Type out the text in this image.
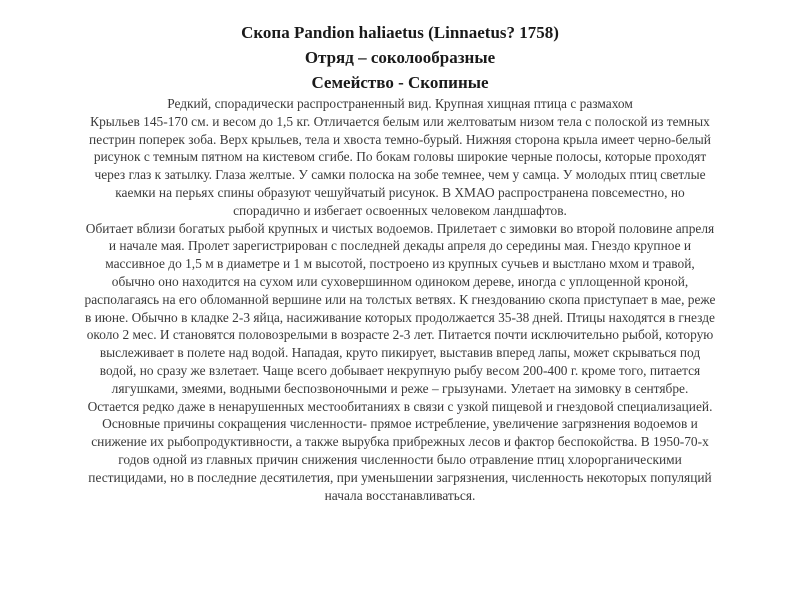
Скопа Pandion haliaetus (Linnaetus? 1758)
Отряд – соколообразные
Семейство - Скопиные
Редкий, спорадически распространенный вид. Крупная хищная птица с размахом
Крыльев 145-170 см. и весом до 1,5 кг. Отличается белым или желтоватым низом тела с полоской из темных
пестрин поперек зоба. Верх крыльев, тела и хвоста темно-бурый. Нижняя сторона крыла имеет черно-белый
рисунок с темным пятном на кистевом сгибе. По бокам головы широкие черные полосы, которые проходят
через глаз к затылку. Глаза желтые. У самки полоска на зобе темнее, чем у самца. У молодых птиц светлые
каемки на перьях спины образуют чешуйчатый рисунок. В ХМАО распространена повсеместно, но
спорадично и избегает освоенных человеком ландшафтов.
Обитает вблизи богатых рыбой крупных и чистых водоемов. Прилетает с зимовки во второй половине апреля
и начале мая. Пролет зарегистрирован с последней декады апреля до середины мая. Гнездо крупное и
массивное до 1,5 м в диаметре и 1 м высотой, построено из крупных сучьев и выстлано мхом и травой,
обычно оно находится на сухом или суховершинном одиноком дереве, иногда с уплощенной кроной,
располагаясь на его обломанной вершине или на толстых ветвях. К гнездованию скопа приступает в мае, реже
в июне. Обычно в кладке 2-3 яйца, насиживание которых продолжается 35-38 дней. Птицы находятся в гнезде
около 2 мес. И становятся половозрелыми в возрасте 2-3 лет. Питается почти исключительно рыбой, которую
выслеживает в полете над водой. Нападая, круто пикирует, выставив вперед лапы, может скрываться под
водой, но сразу же взлетает. Чаще всего добывает некрупную рыбу весом 200-400 г. кроме того, питается
лягушками, змеями, водными беспозвоночными и реже – грызунами. Улетает на зимовку в сентябре.
Остается редко даже в ненарушенных местообитаниях в связи с узкой пищевой и гнездовой специализацией.
Основные причины сокращения численности- прямое истребление, увеличение загрязнения водоемов и
снижение их рыбопродуктивности, а также вырубка прибрежных лесов и фактор беспокойства. В 1950-70-х
годов одной из главных причин снижения численности было отравление птиц хлорорганическими
пестицидами, но в последние десятилетия, при уменьшении загрязнения, численность некоторых популяций
начала восстанавливаться.
